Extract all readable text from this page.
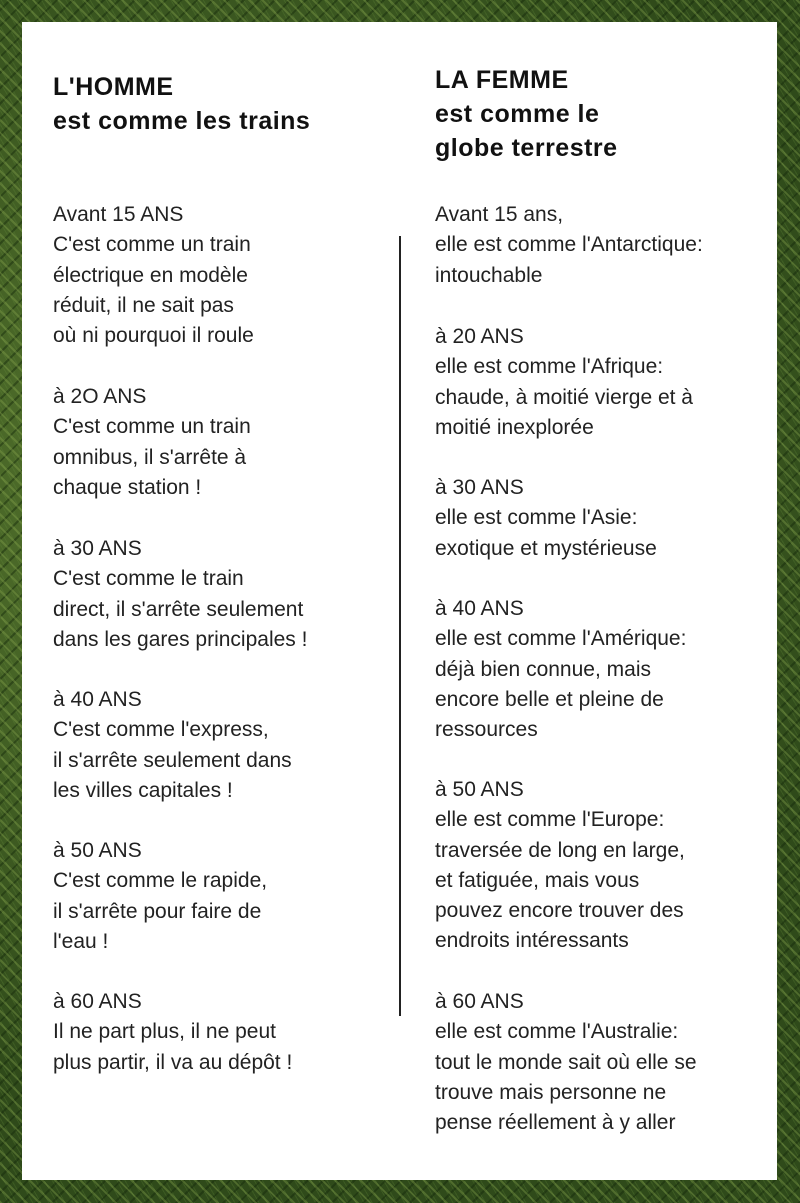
L'HOMME
est comme les trains
Avant 15 ANS
C'est comme un train
électrique en modèle
réduit, il ne sait pas
où ni pourquoi il roule
à 2O ANS
C'est comme un train
omnibus, il s'arrête à
chaque station !
à 30 ANS
C'est comme le train
direct, il s'arrête seulement
dans les gares principales !
à 40 ANS
C'est comme l'express,
il s'arrête seulement dans
les villes capitales !
à 50 ANS
C'est comme le rapide,
il s'arrête pour faire de
l'eau !
à 60 ANS
Il ne part plus, il ne peut
plus partir, il va au dépôt !
LA FEMME
est comme le
globe terrestre
Avant 15 ans,
elle est comme l'Antarctique:
intouchable
à 20 ANS
elle est comme l'Afrique:
chaude, à moitié vierge et à
moitié inexplorée
à 30 ANS
elle est comme l'Asie:
exotique et mystérieuse
à 40 ANS
elle est comme l'Amérique:
déjà bien connue, mais
encore belle et pleine de
ressources
à 50 ANS
elle est comme l'Europe:
traversée de long en large,
et fatiguée, mais vous
pouvez encore trouver des
endroits intéressants
à 60 ANS
elle est comme l'Australie:
tout le monde sait où elle se
trouve mais personne ne
pense réellement à y aller
